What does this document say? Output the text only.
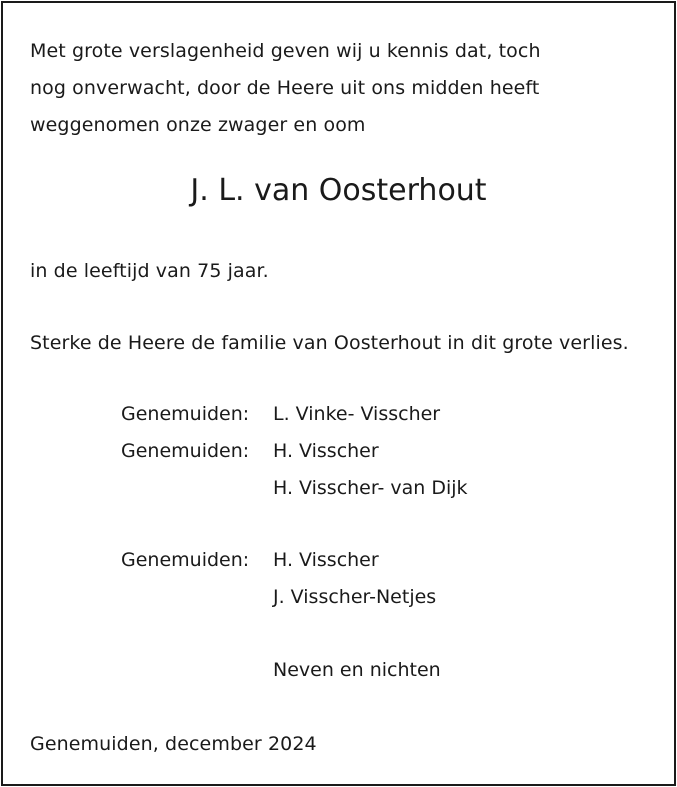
Met grote verslagenheid geven wij u kennis dat, toch
nog onverwacht, door de Heere uit ons midden heeft
weggenomen onze zwager en oom
J. L. van Oosterhout
in de leeftijd van 75 jaar.
Sterke de Heere de familie van Oosterhout in dit grote verlies.
Genemuiden: L. Vinke- Visscher
Genemuiden: H. Visscher
H. Visscher- van Dijk
Genemuiden: H. Visscher
J. Visscher-Netjes
Neven en nichten
Genemuiden, december 2024
